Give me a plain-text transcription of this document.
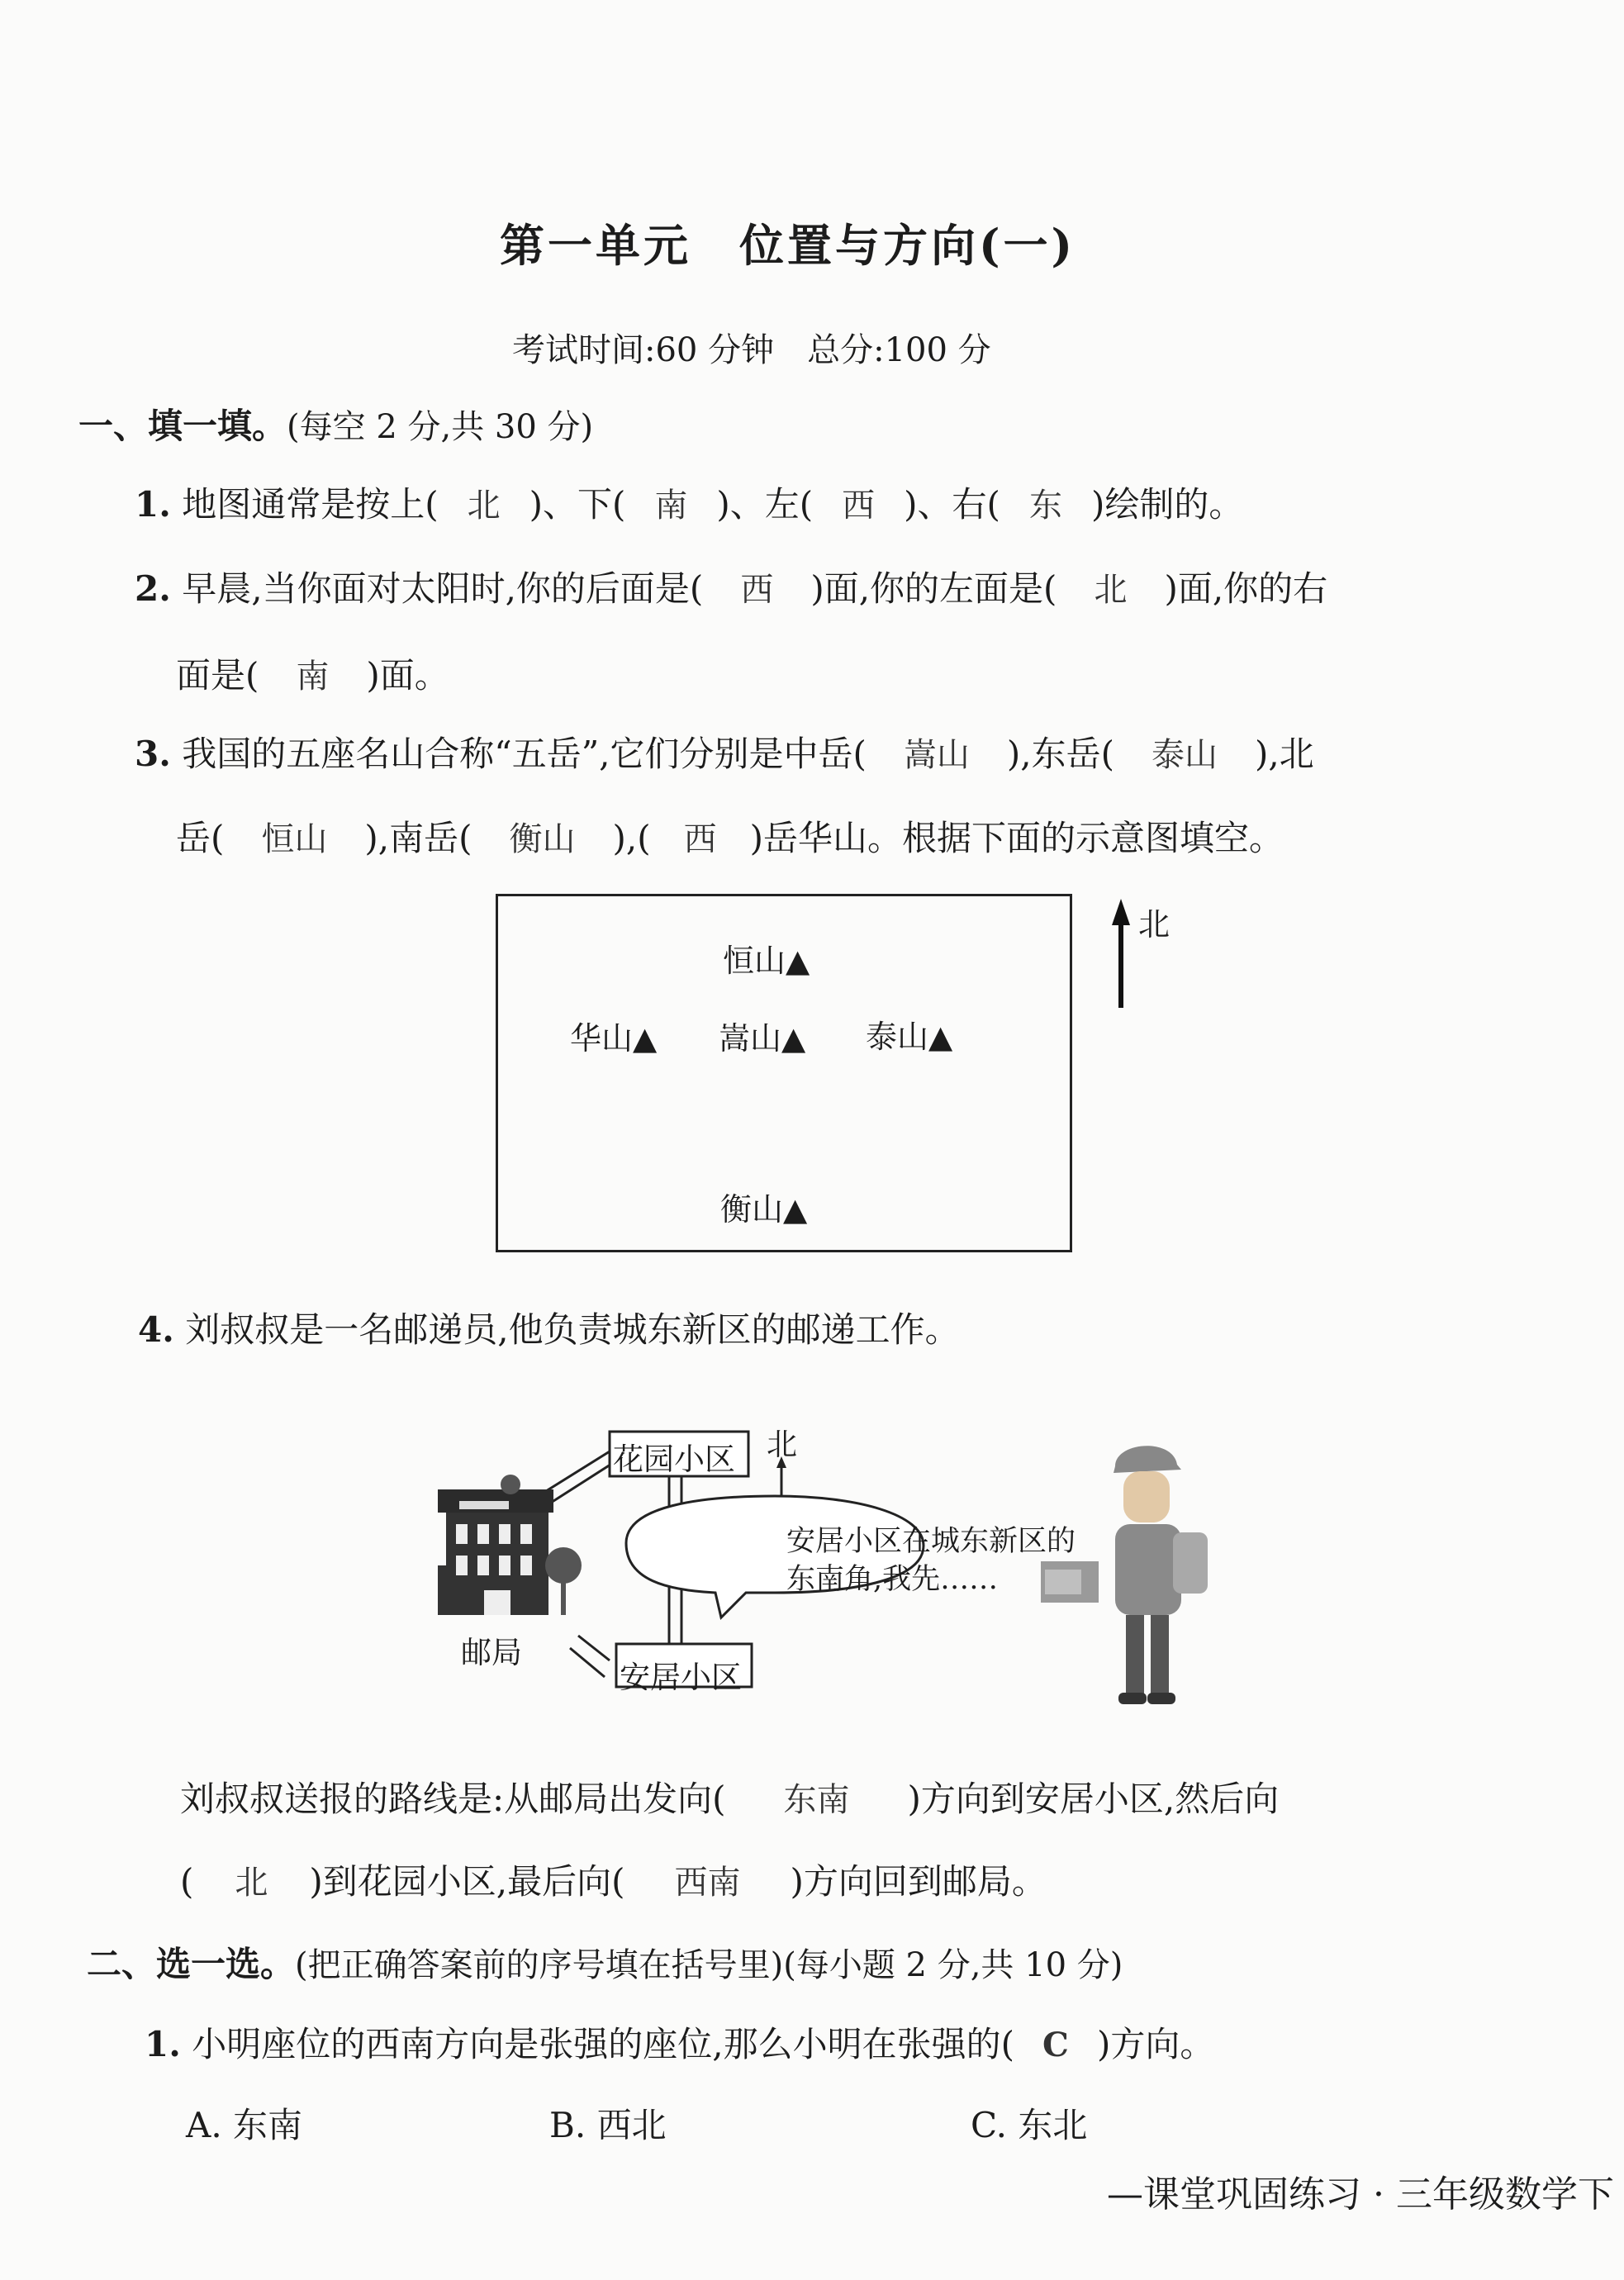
第一单元　位置与方向(一)
考试时间:60 分钟　总分:100 分
一、填一填。(每空 2 分,共 30 分)
1. 地图通常是按上( 北 )、下( 南 )、左( 西 )、右( 东 )绘制的。
2. 早晨,当你面对太阳时,你的后面是( 西 )面,你的左面是( 北 )面,你的右
面是( 南 )面。
3. 我国的五座名山合称“五岳”,它们分别是中岳( 嵩山 ),东岳( 泰山 ),北
岳( 恒山 ),南岳( 衡山 ),( 西 )岳华山。根据下面的示意图填空。
恒山▲
华山▲ 嵩山▲ 泰山▲
衡山▲
北
4. 刘叔叔是一名邮递员,他负责城东新区的邮递工作。
花园小区 北
安居小区
邮局
安居小区在城东新区的
东南角,我先……
刘叔叔送报的路线是:从邮局出发向( 东南 )方向到安居小区,然后向
( 北 )到花园小区,最后向( 西南 )方向回到邮局。
二、选一选。(把正确答案前的序号填在括号里)(每小题 2 分,共 10 分)
1. 小明座位的西南方向是张强的座位,那么小明在张强的( C )方向。
A. 东南	B. 西北	C. 东北
—课堂巩固练习 · 三年级数学下
